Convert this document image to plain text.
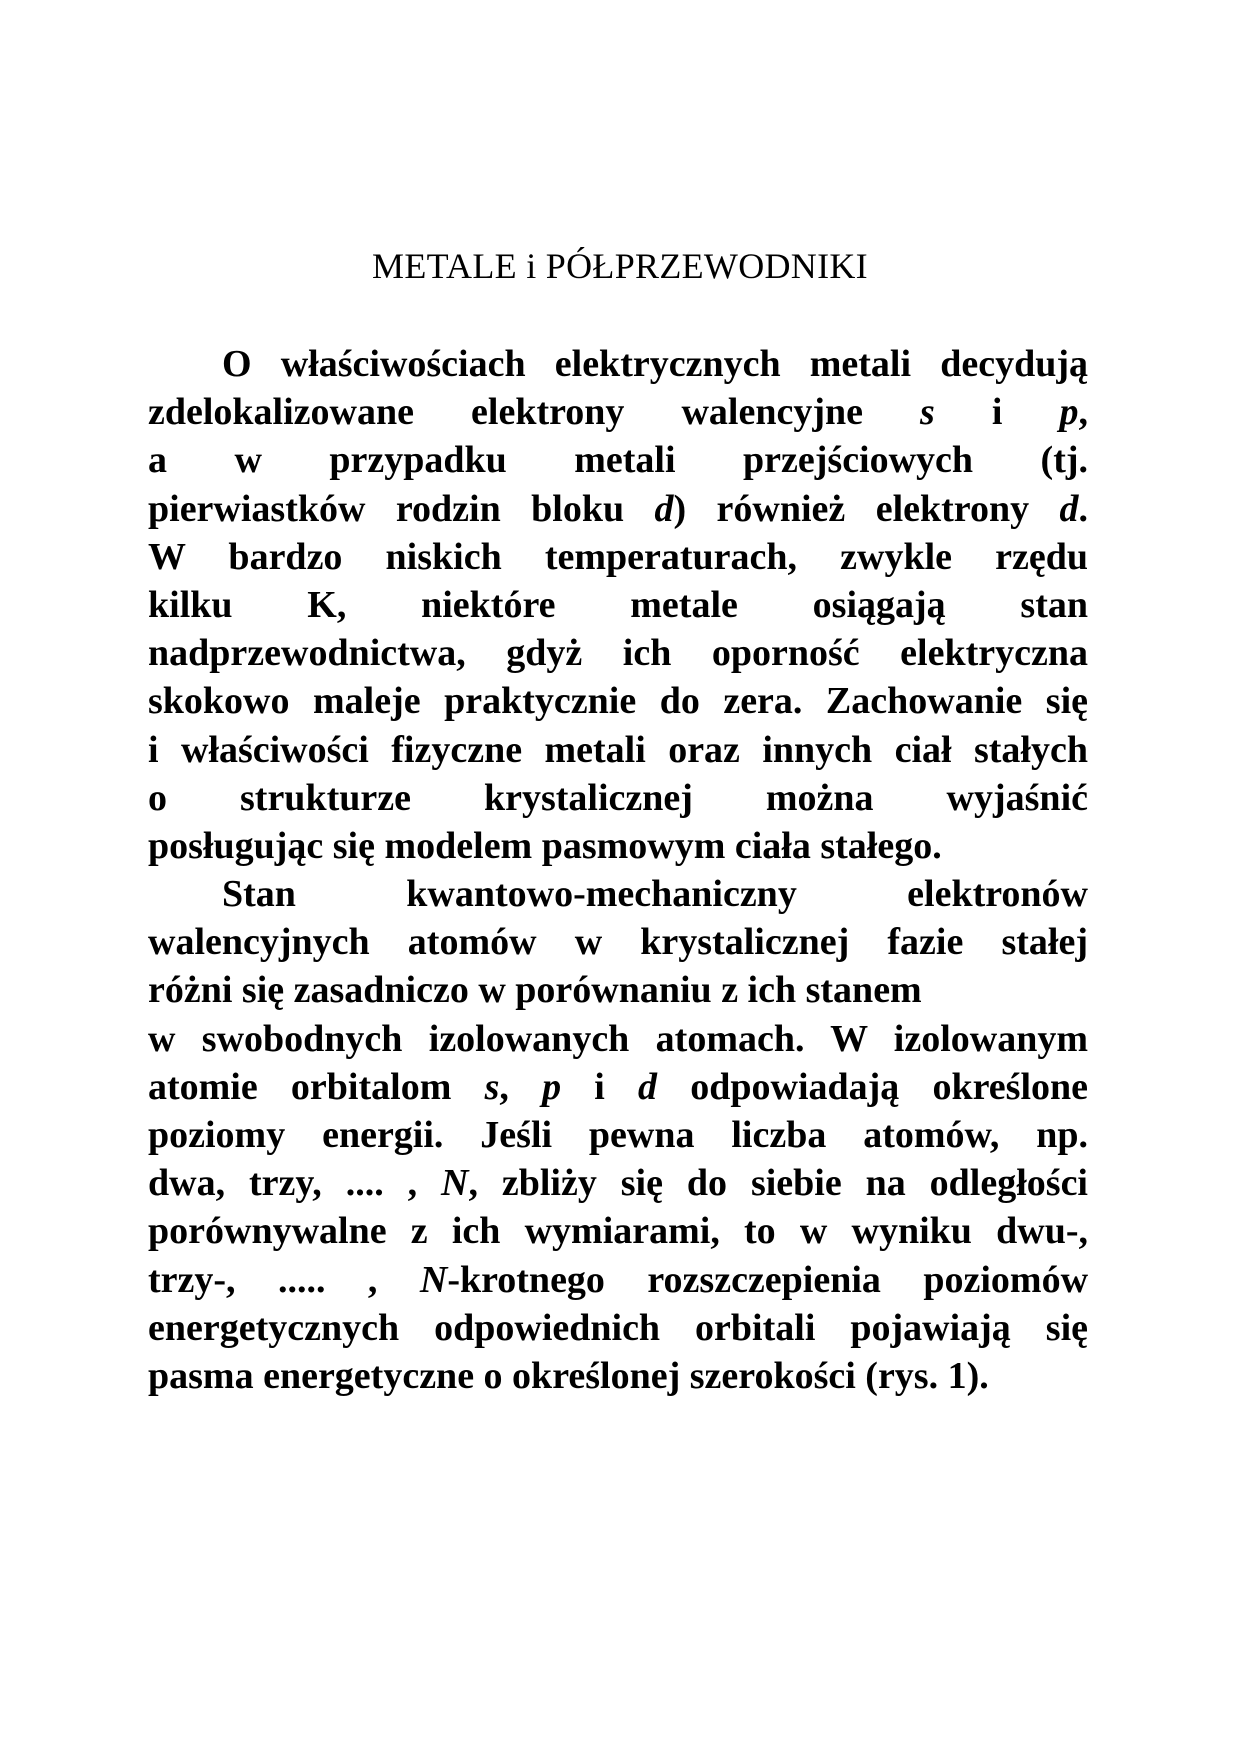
METALE i PÓŁPRZEWODNIKI
O właściwościach elektrycznych metali decydują
zdelokalizowane elektrony walencyjne s i p,
a w przypadku metali przejściowych (tj.
pierwiastków rodzin bloku d) również elektrony d.
W bardzo niskich temperaturach, zwykle rzędu
kilku K, niektóre metale osiągają stan
nadprzewodnictwa, gdyż ich oporność elektryczna
skokowo maleje praktycznie do zera. Zachowanie się
i właściwości fizyczne metali oraz innych ciał stałych
o strukturze krystalicznej można wyjaśnić
posługując się modelem pasmowym ciała stałego.
Stan kwantowo-mechaniczny elektronów
walencyjnych atomów w krystalicznej fazie stałej
różni się zasadniczo w porównaniu z ich stanem
w swobodnych izolowanych atomach. W izolowanym
atomie orbitalom s, p i d odpowiadają określone
poziomy energii. Jeśli pewna liczba atomów, np.
dwa, trzy, .... , N, zbliży się do siebie na odległości
porównywalne z ich wymiarami, to w wyniku dwu-,
trzy-, ..... , N-krotnego rozszczepienia poziomów
energetycznych odpowiednich orbitali pojawiają się
pasma energetyczne o określonej szerokości (rys. 1).
